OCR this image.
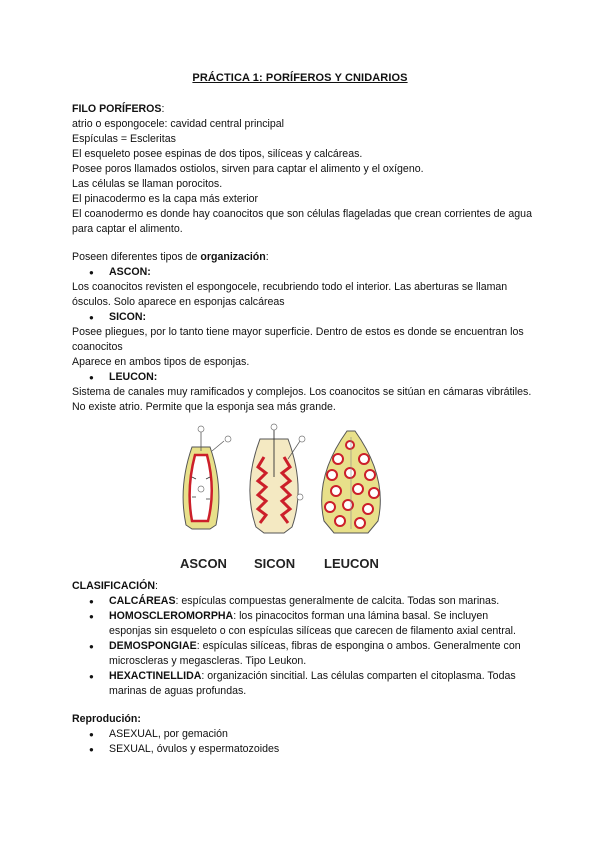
PRÁCTICA 1: PORÍFEROS Y CNIDARIOS

FILO PORÍFEROS:

atrio o espongocele: cavidad central principal

Espículas = Escleritas

El esqueleto posee espinas de dos tipos, silíceas y calcáreas.

Posee poros llamados ostiolos, sirven para captar el alimento y el oxígeno.

Las células se llaman porocitos.

El pinacodermo es la capa más exterior

El coanodermo es donde hay coanocitos que son células flageladas que crean corrientes de agua para captar el alimento.

Poseen diferentes tipos de organización:

● ASCON:

Los coanocitos revisten el espongocele, recubriendo todo el interior. Las aberturas se llaman ósculos. Solo aparece en esponjas calcáreas

● SICON:

Posee pliegues, por lo tanto tiene mayor superficie. Dentro de estos es donde se encuentran los coanocitos

Aparece en ambos tipos de esponjas.

● LEUCON:

Sistema de canales muy ramificados y complejos. Los coanocitos se sitúan en cámaras vibrátiles. No existe atrio. Permite que la esponja sea más grande.

ASCON SICON LEUCON

CLASIFICACIÓN:

● CALCÁREAS: espículas compuestas generalmente de calcita. Todas son marinas.

● HOMOSCLEROMORPHA: los pinacocitos forman una lámina basal. Se incluyen esponjas sin esqueleto o con espículas silíceas que carecen de filamento axial central.

● DEMOSPONGIAE: espículas silíceas, fibras de espongina o ambos. Generalmente con microscleras y megascleras. Tipo Leukon.

● HEXACTINELLIDA: organización sincitial. Las células comparten el citoplasma. Todas marinas de aguas profundas.

Reprodución:

● ASEXUAL, por gemación

● SEXUAL, óvulos y espermatozoides
